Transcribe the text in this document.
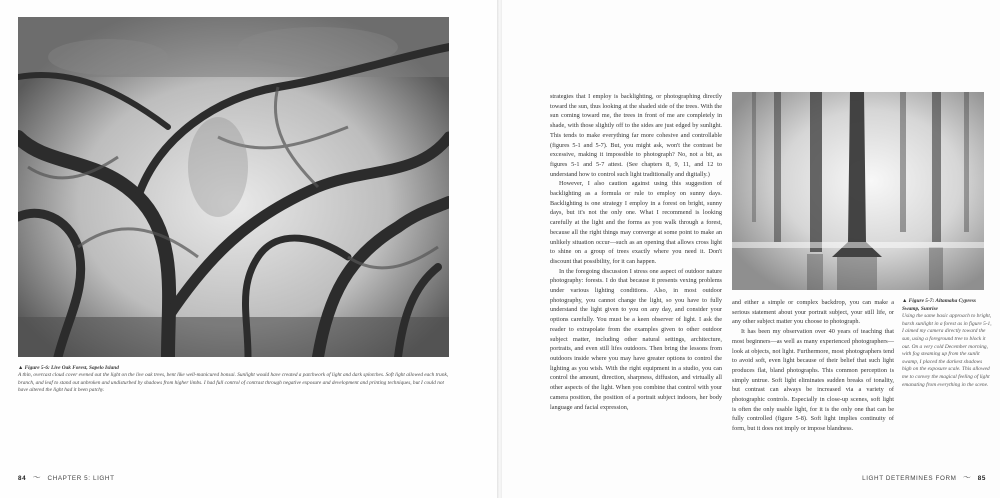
▲ Figure 5-6: Live Oak Forest, Sapelo Island

A thin, overcast cloud cover evened out the light on the live oak trees, bent like well-manicured bonsai. Sunlight would have created a patchwork of light and dark splotches. Soft light allowed each trunk, branch, and leaf to stand out unbroken and undisturbed by shadows from higher limbs. I had full control of contrast through negative exposure and development and printing techniques, but I could not have altered the light had it been patchy.

84 〜 CHAPTER 5: LIGHT

strategies that I employ is backlighting, or photographing directly toward the sun, thus looking at the shaded side of the trees. With the sun coming toward me, the trees in front of me are completely in shade, with those slightly off to the sides are just edged by sunlight. This tends to make everything far more cohesive and controllable (figures 5-1 and 5-7). But, you might ask, won't the contrast be excessive, making it impossible to photograph? No, not a bit, as figures 5-1 and 5-7 attest. (See chapters 8, 9, 11, and 12 to understand how to control such light traditionally and digitally.)

However, I also caution against using this suggestion of backlighting as a formula or rule to employ on sunny days. Backlighting is one strategy I employ in a forest on bright, sunny days, but it's not the only one. What I recommend is looking carefully at the light and the forms as you walk through a forest, because all the right things may converge at some point to make an unlikely situation occur—such as an opening that allows cross light to shine on a group of trees exactly where you need it. Don't discount that possibility, for it can happen.

In the foregoing discussion I stress one aspect of outdoor nature photography: forests. I do that because it presents vexing problems under various lighting conditions. Also, in most outdoor photography, you cannot change the light, so you have to fully understand the light given to you on any day, and consider your options carefully. You must be a keen observer of light. I ask the reader to extrapolate from the examples given to other outdoor subject matter, including other natural settings, architecture, portraits, and even still lifes outdoors. Then bring the lessons from outdoors inside where you may have greater options to control the lighting as you wish. With the right equipment in a studio, you can control the amount, direction, sharpness, diffusion, and virtually all other aspects of the light. When you combine that control with your camera position, the position of a portrait subject indoors, her body language and facial expression,

and either a simple or complex backdrop, you can make a serious statement about your portrait subject, your still life, or any other subject matter you choose to photograph.

It has been my observation over 40 years of teaching that most beginners—as well as many experienced photographers—look at objects, not light. Furthermore, most photographers tend to avoid soft, even light because of their belief that such light produces flat, bland photographs. This common perception is simply untrue. Soft light eliminates sudden breaks of tonality, but contrast can always be increased via a variety of photographic controls. Especially in close-up scenes, soft light is often the only usable light, for it is the only one that can be fully controlled (figure 5-8). Soft light implies continuity of form, but it does not imply or impose blandness.

▲ Figure 5-7: Altamaha Cypress Swamp, Sunrise
Using the same basic approach to bright, harsh sunlight in a forest as in figure 5-1, I aimed my camera directly toward the sun, using a foreground tree to block it out. On a very cold December morning, with fog steaming up from the sunlit swamp, I placed the darkest shadows high on the exposure scale. This allowed me to convey the magical feeling of light emanating from everything in the scene.
LIGHT DETERMINES FORM 〜 85
